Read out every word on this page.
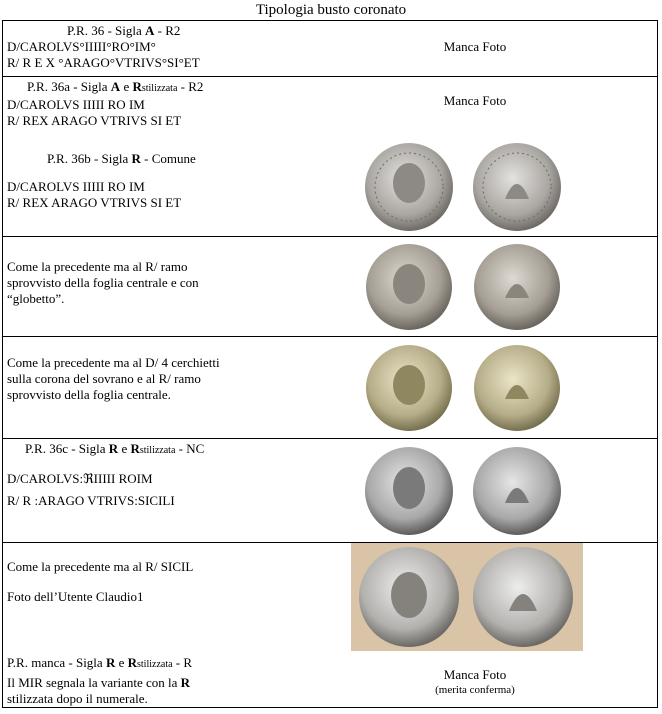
Tipologia busto coronato
P.R. 36 - Sigla A - R2
D/CAROLVS°IIIII°RO°IM°
R/ R E X °ARAGO°VTRIVS°SI°ET
Manca Foto
P.R. 36a - Sigla A e Rstilizzata - R2
D/CAROLVS IIIII RO IM
R/ REX ARAGO VTRIVS SI ET
Manca Foto
P.R. 36b - Sigla R - Comune
D/CAROLVS IIIII RO IM
R/ REX ARAGO VTRIVS SI ET
Come la precedente ma al R/ ramo
sprovvisto della foglia centrale e con
“globetto”.
Come la precedente ma al D/ 4 cerchietti
sulla corona del sovrano e al R/ ramo
sprovvisto della foglia centrale.
P.R. 36c - Sigla R e Rstilizzata - NC
D/CAROLVS:ℜIIIII ROIM
R/ R :ARAGO VTRIVS:SICILI
Come la precedente ma al R/ SICIL
Foto dell’Utente Claudio1
P.R. manca - Sigla R e Rstilizzata - R
Il MIR segnala la variante con la R
stilizzata dopo il numerale.
Manca Foto
(merita conferma)
